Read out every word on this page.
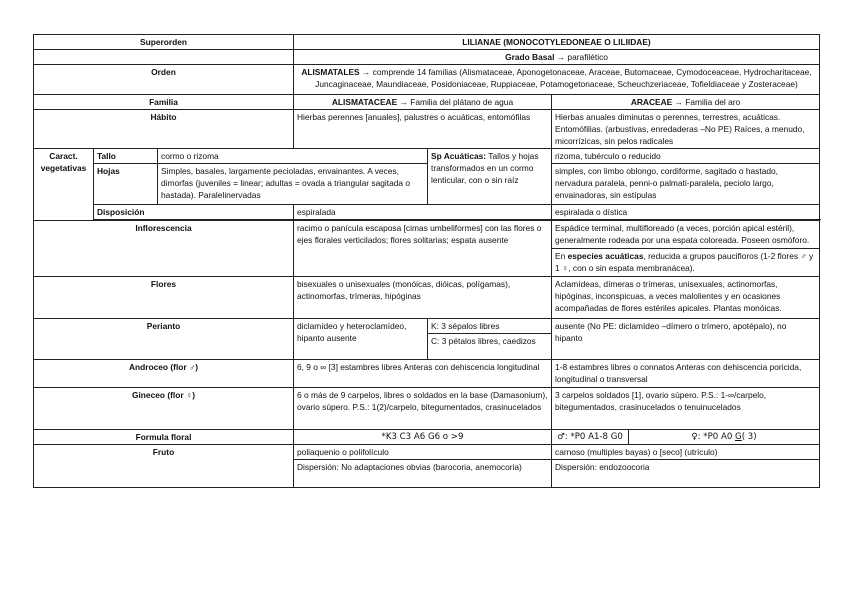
Superorden			LILIANAE (MONOCOTYLEDONEAE O LILIIDAE)			
			Grado Basal → parafilético			
Orden			ALISMATALES → comprende 14 familias (Alismataceae, Aponogetonaceae, Araceae, Butomaceae, Cymodoceaceae, Hydrocharitaceae,
Juncaginaceae, Maundiaceae, Posidoniaceae, Ruppiaceae, Potamogetonaceae, Scheuchzeriaceae, Tofieldiaceae y Zosteraceae)			
Familia			ALISMATACEAE → Familia del plátano de agua		ARACEAE → Familia del aro	
Hábito			Hierbas perennes [anuales], palustres o acuáticas, entomófilas		Hierbas anuales diminutas o perennes, terrestres, acuáticas. Entomófilias. (arbustivas, enredaderas –No PE) Raíces, a menudo, micorrízicas, sin pelos radicales	
Caract. vegetativas	Tallo	cormo o rizoma		Sp Acuáticas: Tallos y hojas transformados en un cormo lenticular, con o sin raíz	rizoma, tubérculo o reducido	
	Hojas	Simples, basales, largamente pecioladas, envainantes. A veces, dimorfas (juveniles = linear; adultas = ovada a triangular sagitada o hastada). Paralelinervadas			simples, con limbo oblongo, cordiforme, sagitado o hastado, nervadura paralela, penni-o palmati-paralela, peciolo largo, envainadoras, sin estípulas	
	Disposición		espiralada		espiralada o dística	

Inflorescencia			racimo o panícula escaposa [cimas umbeliformes] con las flores o ejes florales verticilados; flores solitarias; espata ausente		Espádice terminal, multifloreado (a veces, porción apical estéril), generalmente rodeada por una espata coloreada. Poseen osmóforo.	
					En especies acuáticas, reducida a grupos paucifloros (1-2 flores ♂ y 1 ♀, con o sin espata membranácea).	
Flores			bisexuales o unisexuales (monóicas, dióicas, polígamas), actinomorfas, trímeras, hipóginas		Aclamídeas, dímeras o trímeras, unisexuales, actinomorfas, hipóginas, inconspicuas, a veces malolientes y en ocasiones acompañadas de flores estériles apicales. Plantas monóicas.	
Perianto			diclamídeo y heteroclamídeo, hipanto ausente	K: 3 sépalos libres	ausente (No PE: diclamídeo –dímero o trímero, apotépalo), no hipanto	
				C: 3 pétalos libres, caedizos		
Androceo (flor ♂)			6, 9 o ∞ [3] estambres libres Anteras con dehiscencia longitudinal		1-8 estambres libres o connatos Anteras con dehiscencia poricida, longitudinal o transversal	
Gineceo (flor ♀)			6 o más de 9 carpelos, libres o soldados en la base (Damasonium), ovario súpero. P.S.: 1(2)/carpelo, bitegumentados, crasinucelados		3 carpelos soldados [1], ovario súpero. P.S.: 1-∞/carpelo, bitegumentados, crasinucelados o tenuinucelados	
Formula floral			*K3 C3 A6 G6 o >9		♂: *P0 A1-8 G0	♀: *P0 A0 G( 3)
Fruto			poliaquenio o polifolículo		carnoso (multiples bayas) o [seco] (utrículo)	
			Dispersión: No adaptaciones obvias (barocoria, anemocoria)		Dispersión: endozoocoria	
